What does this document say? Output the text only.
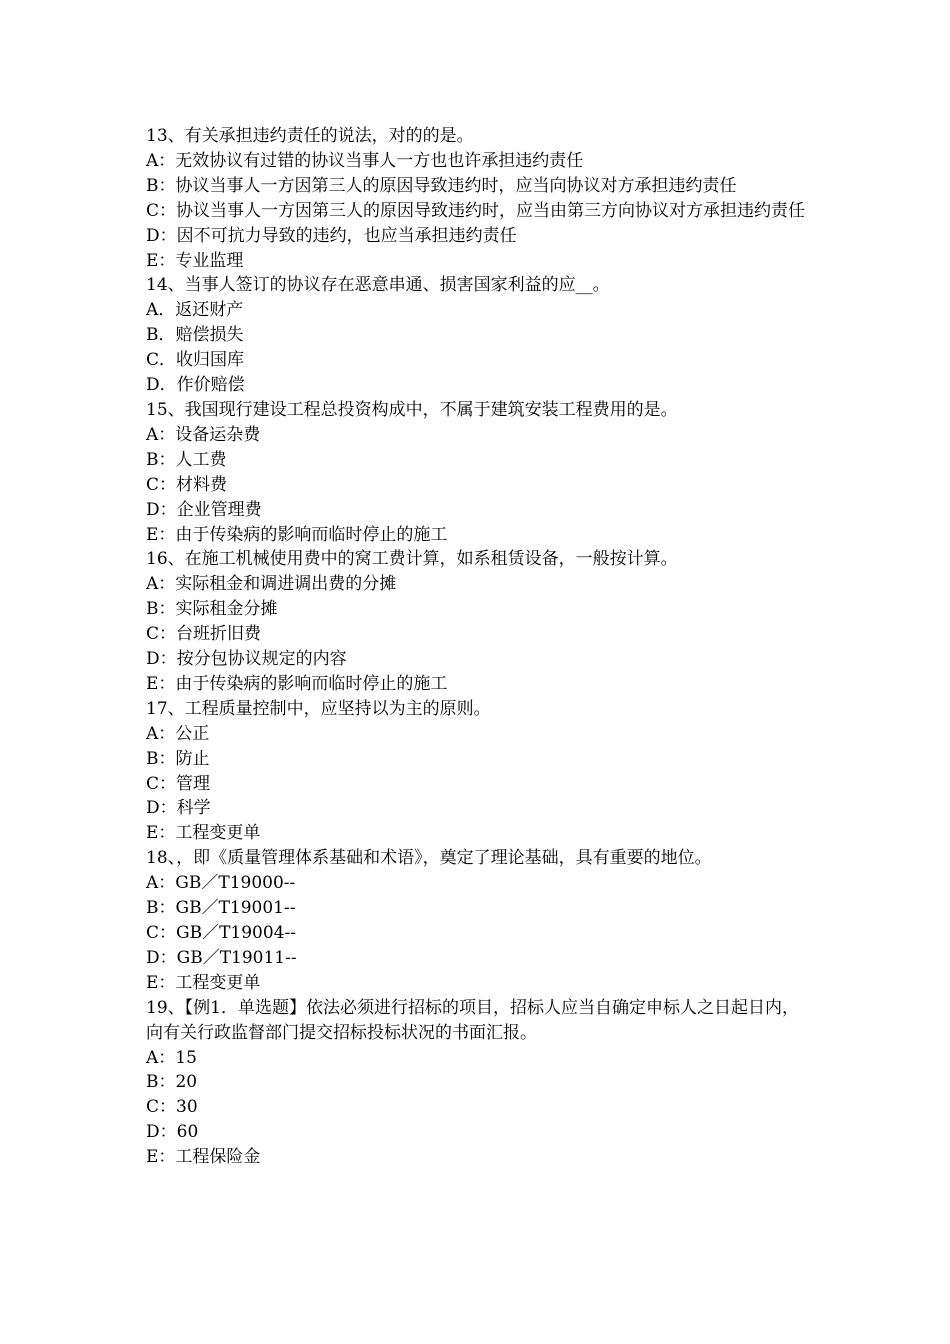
13、有关承担违约责任的说法，对的的是。
A：无效协议有过错的协议当事人一方也也许承担违约责任
B：协议当事人一方因第三人的原因导致违约时，应当向协议对方承担违约责任
C：协议当事人一方因第三人的原因导致违约时，应当由第三方向协议对方承担违约责任
D：因不可抗力导致的违约，也应当承担违约责任
E：专业监理
14、当事人签订的协议存在恶意串通、损害国家利益的应__。
A．返还财产
B．赔偿损失
C．收归国库
D．作价赔偿
15、我国现行建设工程总投资构成中，不属于建筑安装工程费用的是。
A：设备运杂费
B：人工费
C：材料费
D：企业管理费
E：由于传染病的影响而临时停止的施工
16、在施工机械使用费中的窝工费计算，如系租赁设备，一般按计算。
A：实际租金和调进调出费的分摊
B：实际租金分摊
C：台班折旧费
D：按分包协议规定的内容
E：由于传染病的影响而临时停止的施工
17、工程质量控制中，应坚持以为主的原则。
A：公正
B：防止
C：管理
D：科学
E：工程变更单
18、，即《质量管理体系基础和术语》，奠定了理论基础，具有重要的地位。
A：GB／T19000--
B：GB／T19001--
C：GB／T19004--
D：GB／T19011--
E：工程变更单
19、【例1．单选题】依法必须进行招标的项目，招标人应当自确定申标人之日起日内，向有关行政监督部门提交招标投标状况的书面汇报。
A：15
B：20
C：30
D：60
E：工程保险金
